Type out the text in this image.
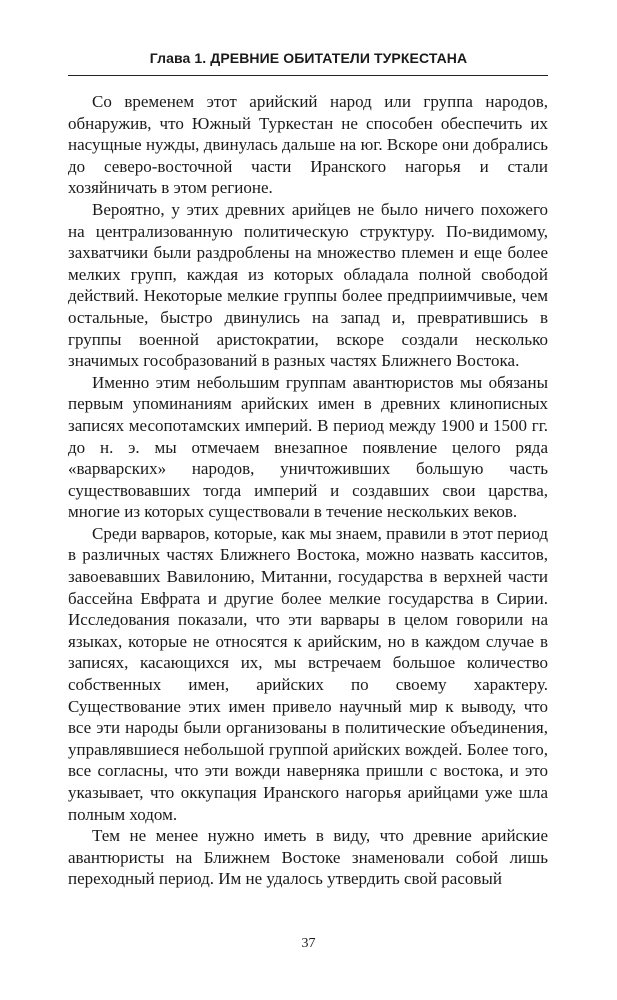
Глава 1. ДРЕВНИЕ ОБИТАТЕЛИ ТУРКЕСТАНА

Со временем этот арийский народ или группа народов, обнаружив, что Южный Туркестан не способен обеспечить их насущные нужды, двинулась дальше на юг. Вскоре они добрались до северо-восточной части Иранского нагорья и стали хозяйничать в этом регионе.

Вероятно, у этих древних арийцев не было ничего похожего на централизованную политическую структуру. По-видимому, захватчики были раздроблены на множество племен и еще более мелких групп, каждая из которых обладала полной свободой действий. Некоторые мелкие группы более предприимчивые, чем остальные, быстро двинулись на запад и, превратившись в группы военной аристократии, вскоре создали несколько значимых гособразований в разных частях Ближнего Востока.

Именно этим небольшим группам авантюристов мы обязаны первым упоминаниям арийских имен в древних клинописных записях месопотамских империй. В период между 1900 и 1500 гг. до н. э. мы отмечаем внезапное появление целого ряда «варварских» народов, уничтоживших большую часть существовавших тогда империй и создавших свои царства, многие из которых существовали в течение нескольких веков.

Среди варваров, которые, как мы знаем, правили в этот период в различных частях Ближнего Востока, можно назвать касситов, завоевавших Вавилонию, Митанни, государства в верхней части бассейна Евфрата и другие более мелкие государства в Сирии. Исследования показали, что эти варвары в целом говорили на языках, которые не относятся к арийским, но в каждом случае в записях, касающихся их, мы встречаем большое количество собственных имен, арийских по своему характеру. Существование этих имен привело научный мир к выводу, что все эти народы были организованы в политические объединения, управлявшиеся небольшой группой арийских вождей. Более того, все согласны, что эти вожди наверняка пришли с востока, и это указывает, что оккупация Иранского нагорья арийцами уже шла полным ходом.

Тем не менее нужно иметь в виду, что древние арийские авантюристы на Ближнем Востоке знаменовали собой лишь переходный период. Им не удалось утвердить свой расовый

37
